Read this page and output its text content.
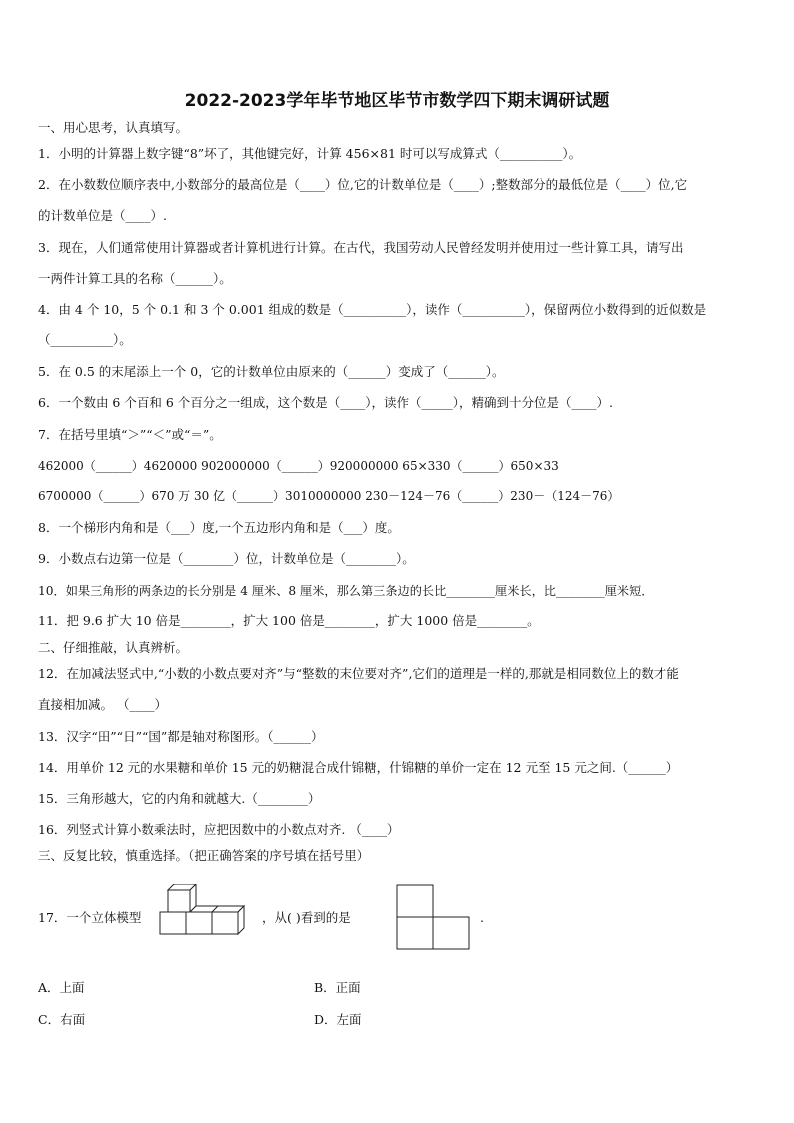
2022-2023学年毕节地区毕节市数学四下期末调研试题
一、用心思考，认真填写。
1．小明的计算器上数字键“8”坏了，其他键完好，计算 456×81 时可以写成算式（__________）。
2．在小数数位顺序表中,小数部分的最高位是（____）位,它的计数单位是（____）;整数部分的最低位是（____）位,它
的计数单位是（____）.
3．现在，人们通常使用计算器或者计算机进行计算。在古代，我国劳动人民曾经发明并使用过一些计算工具，请写出
一两件计算工具的名称（______）。
4．由 4 个 10，5 个 0.1 和 3 个 0.001 组成的数是（__________），读作（__________），保留两位小数得到的近似数是
（__________）。
5．在 0.5 的末尾添上一个 0，它的计数单位由原来的（______）变成了（______）。
6．一个数由 6 个百和 6 个百分之一组成，这个数是（____），读作（_____），精确到十分位是（____）.
7．在括号里填“＞”“＜”或“＝”。
462000（______）4620000 902000000（______）920000000 65×330（______）650×33
6700000（______）670 万 30 亿（______）3010000000 230－124－76（______）230－（124－76）
8．一个梯形内角和是（___）度,一个五边形内角和是（___）度。
9．小数点右边第一位是（________）位，计数单位是（________）。
10．如果三角形的两条边的长分别是 4 厘米、8 厘米，那么第三条边的长比________厘米长，比________厘米短．
11．把 9.6 扩大 10 倍是________，扩大 100 倍是________，扩大 1000 倍是________。
二、仔细推敲，认真辨析。
12．在加减法竖式中,“小数的小数点要对齐”与“整数的末位要对齐”,它们的道理是一样的,那就是相同数位上的数才能
直接相加减。 （____）
13．汉字“田”“日”“国”都是轴对称图形。（______）
14．用单价 12 元的水果糖和单价 15 元的奶糖混合成什锦糖，什锦糖的单价一定在 12 元至 15 元之间.（______）
15．三角形越大，它的内角和就越大.（________）
16．列竖式计算小数乘法时，应把因数中的小数点对齐. （____）
三、反复比较，慎重选择。（把正确答案的序号填在括号里）
17．一个立体模型	，从( )看到的是	.
A．上面	B．正面
C．右面	D．左面
